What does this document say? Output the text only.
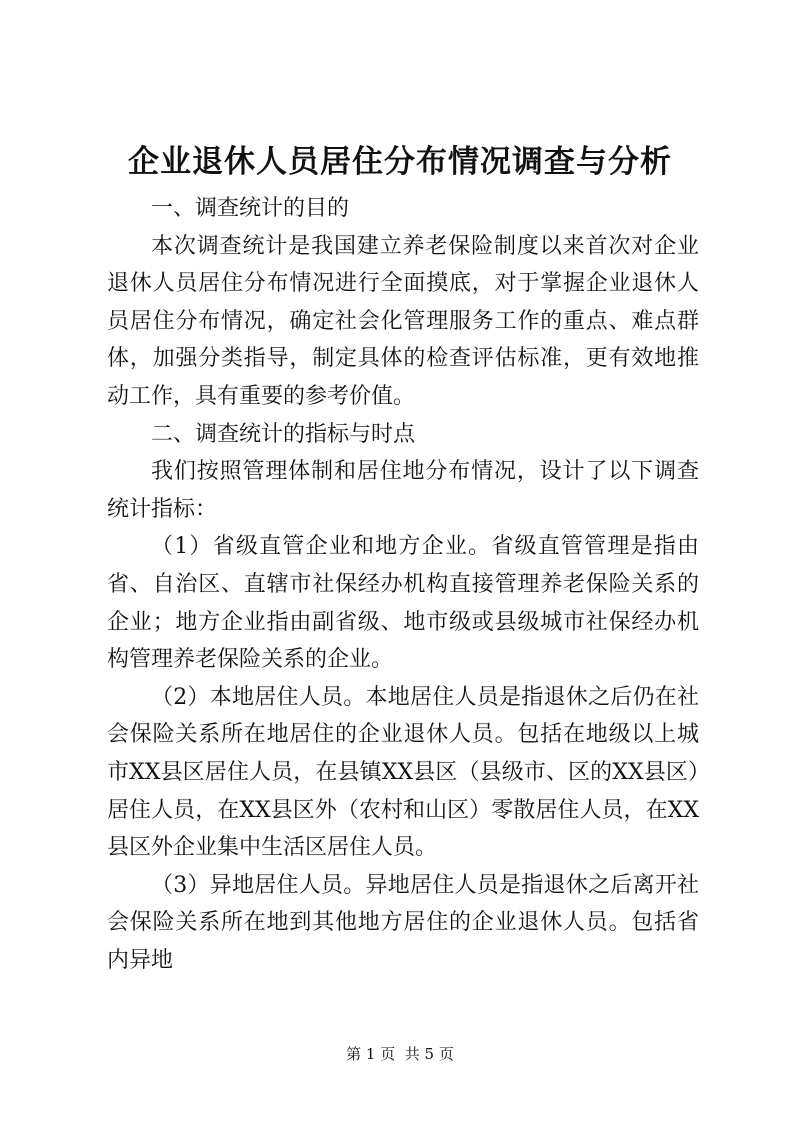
企业退休人员居住分布情况调查与分析

一、调查统计的目的

本次调查统计是我国建立养老保险制度以来首次对企业退休人员居住分布情况进行全面摸底，对于掌握企业退休人员居住分布情况，确定社会化管理服务工作的重点、难点群体，加强分类指导，制定具体的检查评估标准，更有效地推动工作，具有重要的参考价值。

二、调查统计的指标与时点

我们按照管理体制和居住地分布情况，设计了以下调查统计指标：

（1）省级直管企业和地方企业。省级直管管理是指由省、自治区、直辖市社保经办机构直接管理养老保险关系的企业；地方企业指由副省级、地市级或县级城市社保经办机构管理养老保险关系的企业。

（2）本地居住人员。本地居住人员是指退休之后仍在社会保险关系所在地居住的企业退休人员。包括在地级以上城市XX县区居住人员，在县镇XX县区（县级市、区的XX县区）居住人员，在XX县区外（农村和山区）零散居住人员，在XX县区外企业集中生活区居住人员。

（3）异地居住人员。异地居住人员是指退休之后离开社会保险关系所在地到其他地方居住的企业退休人员。包括省内异地

第 1 页  共 5 页
